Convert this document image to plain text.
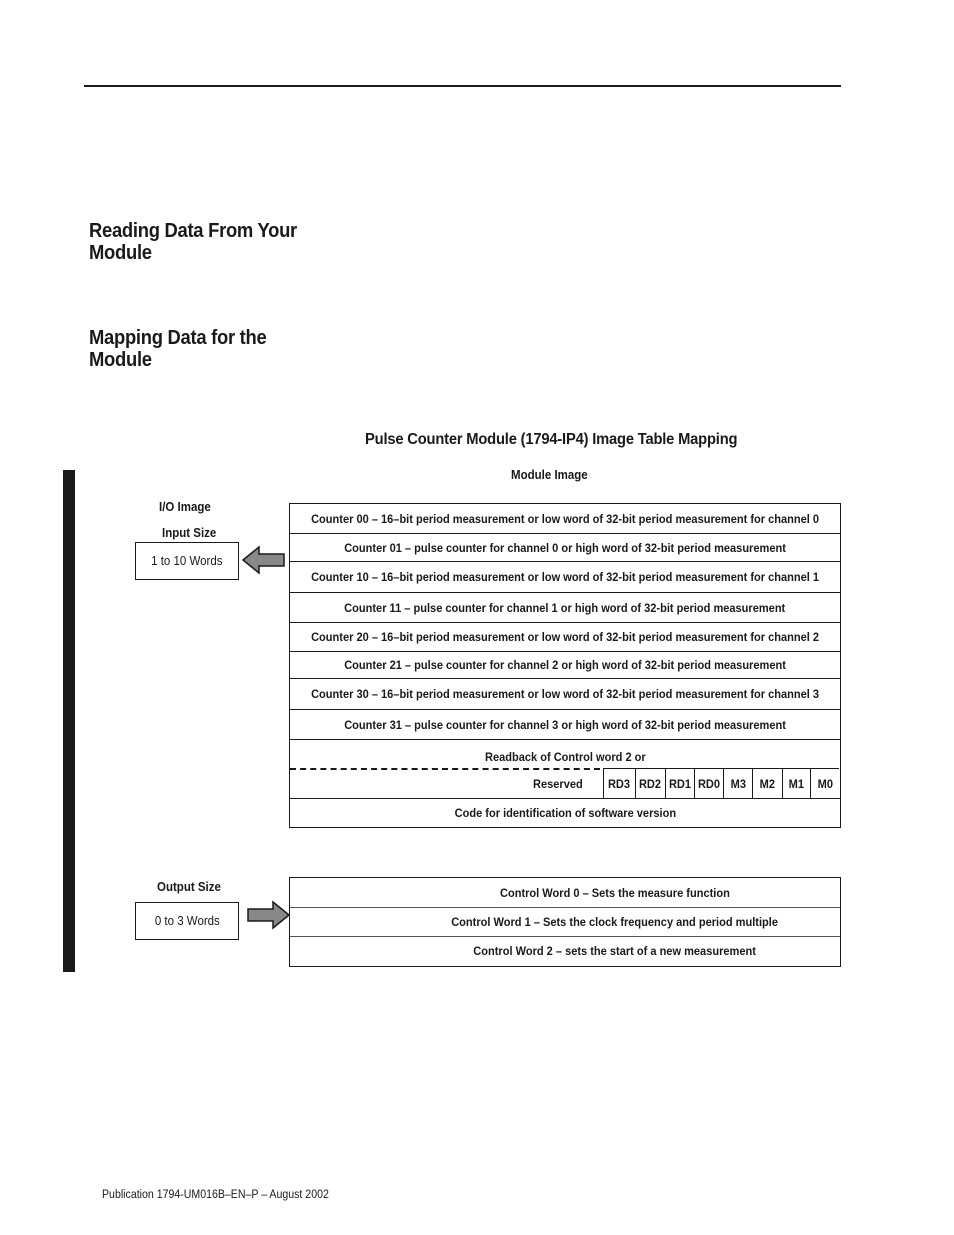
Reading Data From Your
Module
Mapping Data for the
Module
Pulse Counter Module (1794-IP4) Image Table Mapping
Module Image
I/O Image
Input Size
1 to 10 Words
Output Size
0 to 3 Words
Counter 00 – 16–bit period measurement or low word of 32-bit period measurement for channel 0
Counter 01 – pulse counter for channel 0 or high word of 32-bit period measurement
Counter 10 – 16–bit period measurement or low word of 32-bit period measurement for channel 1
Counter 11 – pulse counter for channel 1 or high word of 32-bit period measurement
Counter 20 – 16–bit period measurement or low word of 32-bit period measurement for channel 2
Counter 21 – pulse counter for channel 2 or high word of 32-bit period measurement
Counter 30 – 16–bit period measurement or low word of 32-bit period measurement for channel 3
Counter 31 – pulse counter for channel 3 or high word of 32-bit period measurement
Readback of Control word 2 or
Reserved RD3 RD2 RD1 RD0 M3 M2 M1 M0
Code for identification of software version
Control Word 0 – Sets the measure function
Control Word 1 – Sets the clock frequency and period multiple
Control Word 2 – sets the start of a new measurement
Publication 1794-UM016B–EN–P – August 2002
